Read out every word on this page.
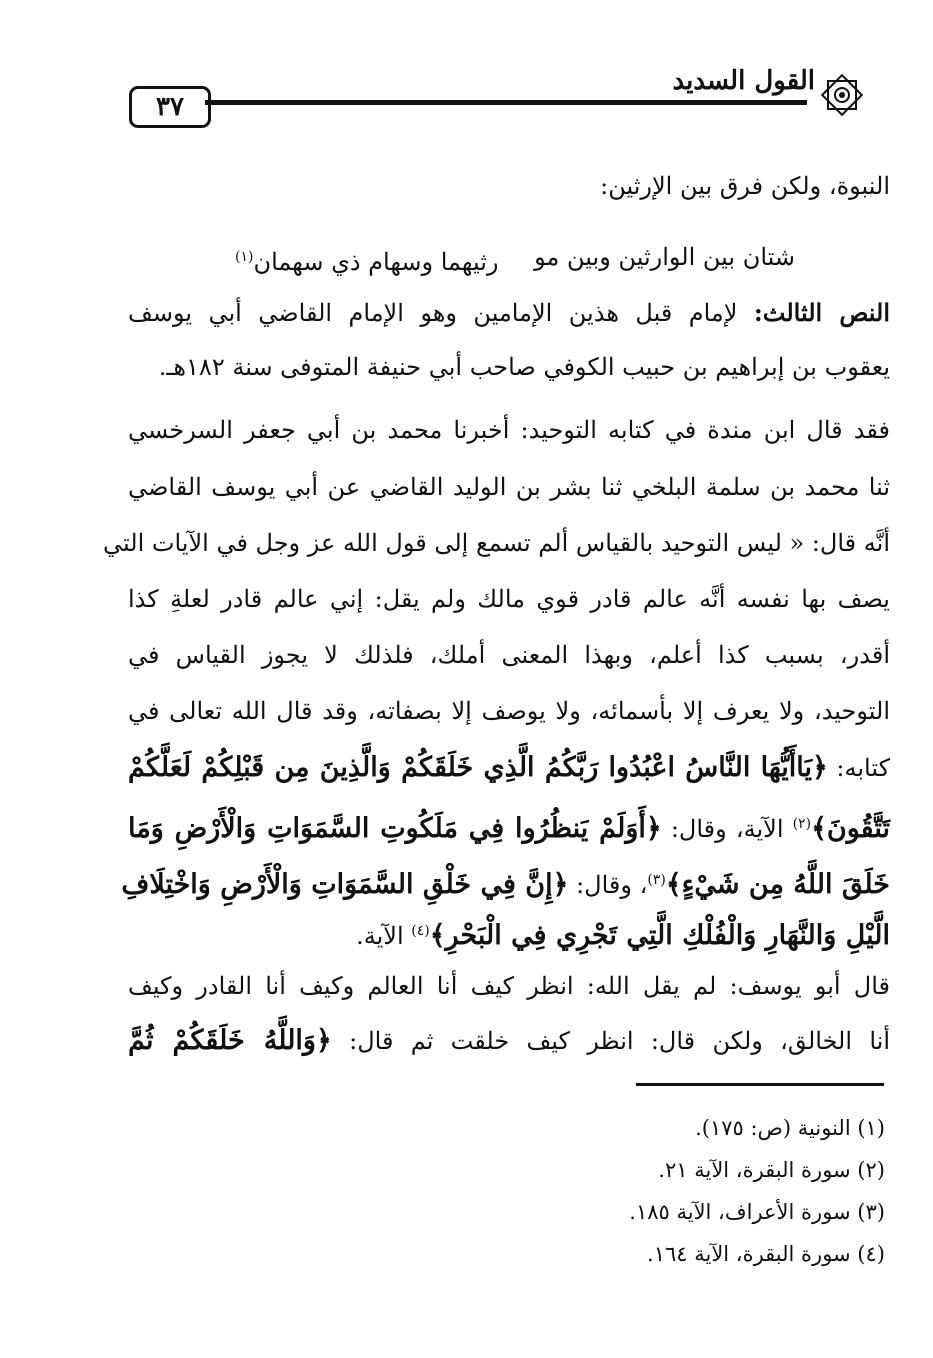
٣٧
القول السديد
النبوة، ولكن فرق بين الإرثين:
شتان بين الوارثين وبين مو
رثيهما وسهام ذي سهمان$^{(١)}$
النص الثالث: لإمام قبل هذين الإمامين وهو الإمام القاضي أبي يوسف
يعقوب بن إبراهيم بن حبيب الكوفي صاحب أبي حنيفة المتوفى سنة ١٨٢هـ.
فقد قال ابن مندة في كتابه التوحيد: أخبرنا محمد بن أبي جعفر السرخسي
ثنا محمد بن سلمة البلخي ثنا بشر بن الوليد القاضي عن أبي يوسف القاضي
أنَّه قال: « ليس التوحيد بالقياس ألم تسمع إلى قول الله عز وجل في الآيات التي
يصف بها نفسه أنَّه عالم قادر قوي مالك ولم يقل: إني عالم قادر لعلةِ كذا
أقدر، بسبب كذا أعلم، وبهذا المعنى أملك، فلذلك لا يجوز القياس في
التوحيد، ولا يعرف إلا بأسمائه، ولا يوصف إلا بصفاته، وقد قال الله تعالى في
كتابه: ﴿يَاأَيُّهَا النَّاسُ اعْبُدُوا رَبَّكُمُ الَّذِي خَلَقَكُمْ وَالَّذِينَ مِن قَبْلِكُمْ لَعَلَّكُمْ
تَتَّقُونَ﴾$^{(٢)}$ الآية، وقال: ﴿أَوَلَمْ يَنظُرُوا فِي مَلَكُوتِ السَّمَوَاتِ وَالْأَرْضِ وَمَا
خَلَقَ اللَّهُ مِن شَيْءٍ﴾$^{(٣)}$، وقال: ﴿إِنَّ فِي خَلْقِ السَّمَوَاتِ وَالْأَرْضِ وَاخْتِلَافِ
الَّيْلِ وَالنَّهَارِ وَالْفُلْكِ الَّتِي تَجْرِي فِي الْبَحْرِ﴾$^{(٤)}$ الآية.
قال أبو يوسف: لم يقل الله: انظر كيف أنا العالم وكيف أنا القادر وكيف
أنا الخالق، ولكن قال: انظر كيف خلقت ثم قال: ﴿وَاللَّهُ خَلَقَكُمْ ثُمَّ
(١) النونية (ص: ١٧٥).
(٢) سورة البقرة، الآية ٢١.
(٣) سورة الأعراف، الآية ١٨٥.
(٤) سورة البقرة، الآية ١٦٤.
